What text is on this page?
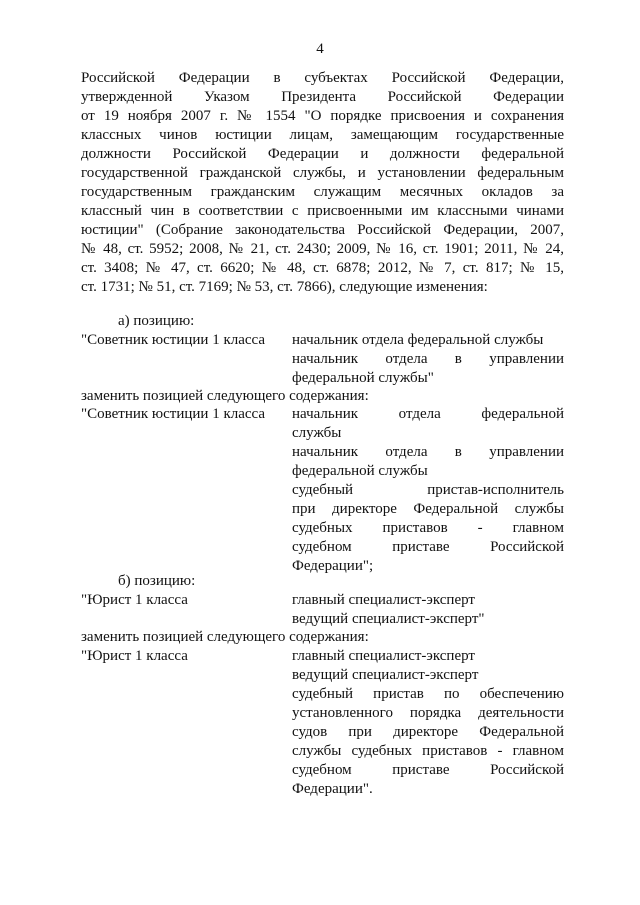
4
Российской Федерации в субъектах Российской Федерации,
утвержденной Указом Президента Российской Федерации
от 19 ноября 2007 г. № 1554 "О порядке присвоения и сохранения
классных чинов юстиции лицам, замещающим государственные
должности Российской Федерации и должности федеральной
государственной гражданской службы, и установлении федеральным
государственным гражданским служащим месячных окладов за
классный чин в соответствии с присвоенными им классными чинами
юстиции" (Собрание законодательства Российской Федерации, 2007,
№ 48, ст. 5952; 2008, № 21, ст. 2430; 2009, № 16, ст. 1901; 2011, № 24,
ст. 3408; № 47, ст. 6620; № 48, ст. 6878; 2012, № 7, ст. 817; № 15,
ст. 1731; № 51, ст. 7169; № 53, ст. 7866), следующие изменения:
а) позицию:
"Советник юстиции 1 класса начальник отдела федеральной службы
начальник отдела в управлении
федеральной службы"
заменить позицией следующего содержания:
"Советник юстиции 1 класса начальник отдела федеральной
службы
начальник отдела в управлении
федеральной службы
судебный пристав-исполнитель
при директоре Федеральной службы
судебных приставов - главном
судебном приставе Российской
Федерации";
б) позицию:
"Юрист 1 класса	главный специалист-эксперт
ведущий специалист-эксперт"
заменить позицией следующего содержания:
"Юрист 1 класса	главный специалист-эксперт
ведущий специалист-эксперт
судебный пристав по обеспечению
установленного порядка деятельности
судов при директоре Федеральной
службы судебных приставов - главном
судебном приставе Российской
Федерации".
